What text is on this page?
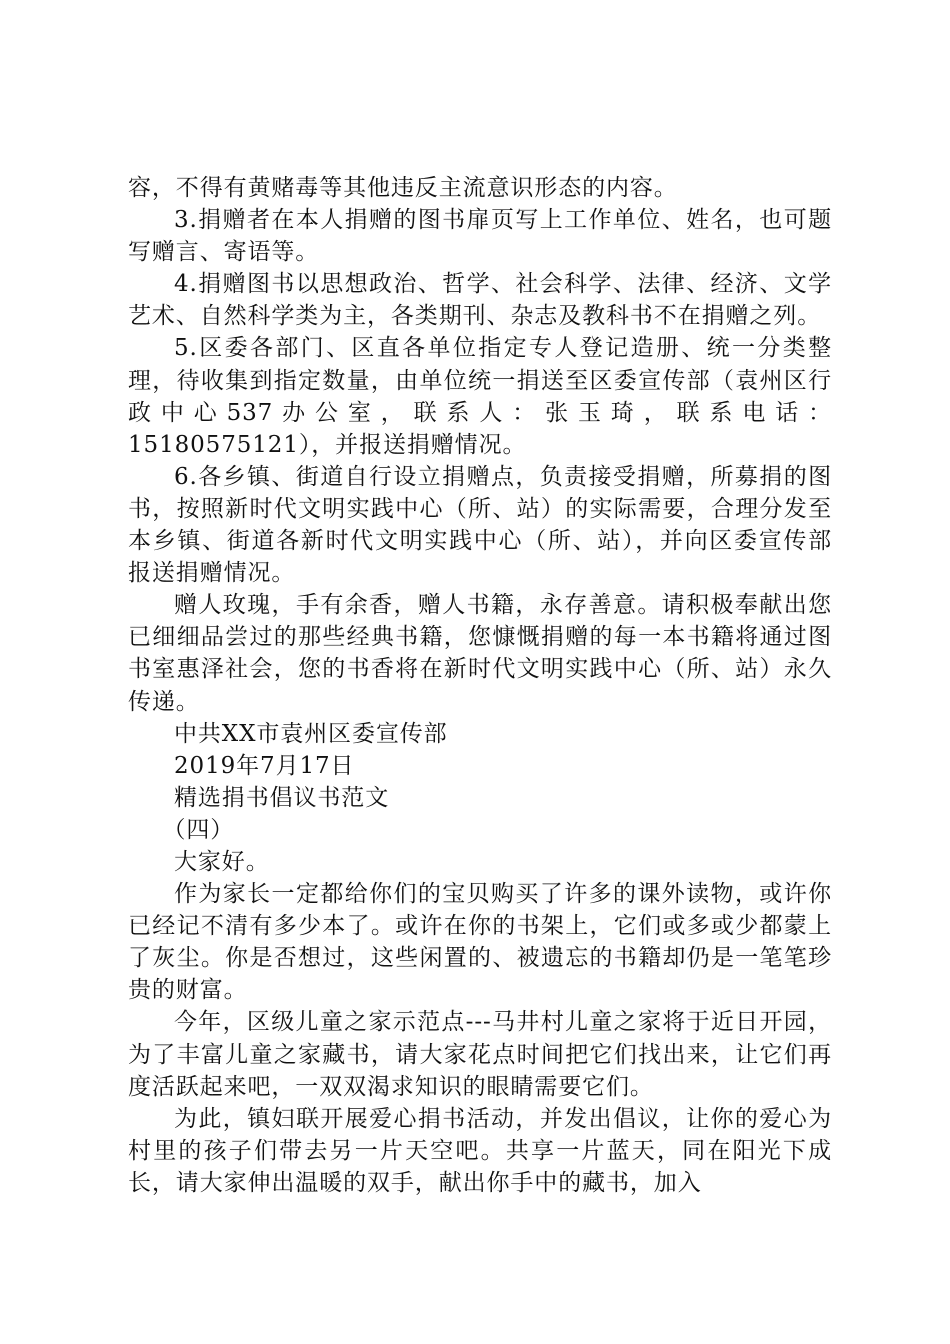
容，不得有黄赌毒等其他违反主流意识形态的内容。

3.捐赠者在本人捐赠的图书扉页写上工作单位、姓名，也可题写赠言、寄语等。

4.捐赠图书以思想政治、哲学、社会科学、法律、经济、文学艺术、自然科学类为主，各类期刊、杂志及教科书不在捐赠之列。

5.区委各部门、区直各单位指定专人登记造册、统一分类整理，待收集到指定数量，由单位统一捐送至区委宣传部（袁州区行政中心537办公室，联系人：张玉琦，联系电话：15180575121），并报送捐赠情况。

6.各乡镇、街道自行设立捐赠点，负责接受捐赠，所募捐的图书，按照新时代文明实践中心（所、站）的实际需要，合理分发至本乡镇、街道各新时代文明实践中心（所、站），并向区委宣传部报送捐赠情况。

赠人玫瑰，手有余香，赠人书籍，永存善意。请积极奉献出您已细细品尝过的那些经典书籍，您慷慨捐赠的每一本书籍将通过图书室惠泽社会，您的书香将在新时代文明实践中心（所、站）永久传递。

中共XX市袁州区委宣传部

2019年7月17日

精选捐书倡议书范文

（四）

大家好。

作为家长一定都给你们的宝贝购买了许多的课外读物，或许你已经记不清有多少本了。或许在你的书架上，它们或多或少都蒙上了灰尘。你是否想过，这些闲置的、被遗忘的书籍却仍是一笔笔珍贵的财富。

今年，区级儿童之家示范点---马井村儿童之家将于近日开园，为了丰富儿童之家藏书，请大家花点时间把它们找出来，让它们再度活跃起来吧，一双双渴求知识的眼睛需要它们。

为此，镇妇联开展爱心捐书活动，并发出倡议，让你的爱心为村里的孩子们带去另一片天空吧。共享一片蓝天，同在阳光下成长，请大家伸出温暖的双手，献出你手中的藏书，加入
